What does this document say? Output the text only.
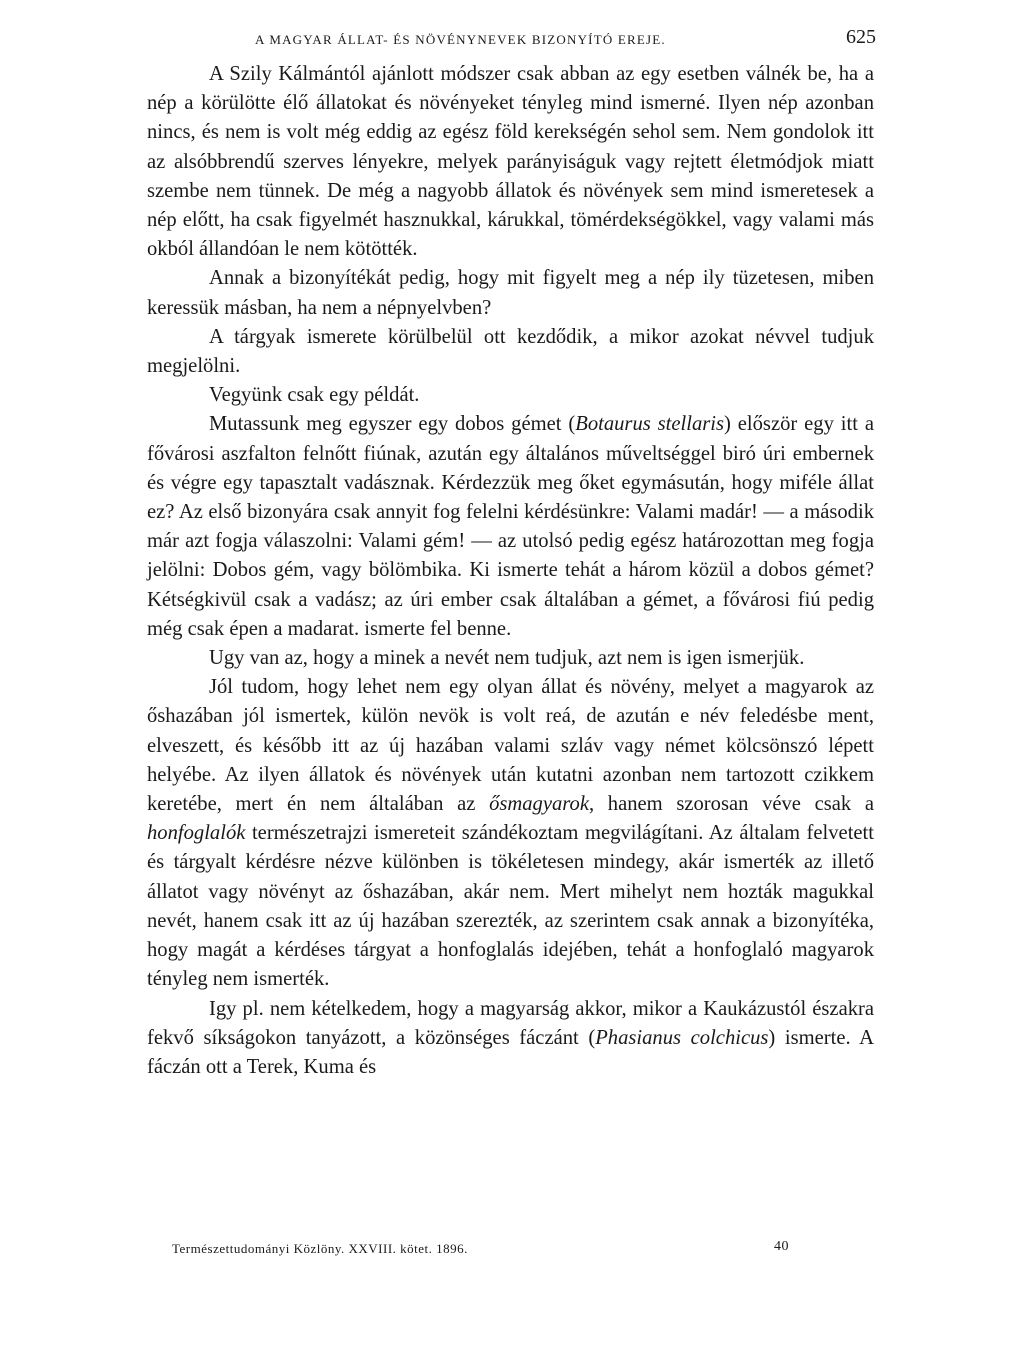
A MAGYAR ÁLLAT- ÉS NÖVÉNYNEVEK BIZONYÍTÓ EREJE.	625

A Szily Kálmántól ajánlott módszer csak abban az egy esetben válnék be, ha a nép a körülötte élő állatokat és növényeket tényleg mind ismerné. Ilyen nép azonban nincs, és nem is volt még eddig az egész föld kerekségén sehol sem. Nem gondolok itt az alsóbbrendű szerves lényekre, melyek parányiságuk vagy rejtett életmódjok miatt szembe nem tünnek. De még a nagyobb állatok és növények sem mind ismeretesek a nép előtt, ha csak figyelmét hasznukkal, kárukkal, tömérdekségökkel, vagy valami más okból állandóan le nem kötötték.

Annak a bizonyítékát pedig, hogy mit figyelt meg a nép ily tüzetesen, miben keressük másban, ha nem a népnyelvben?

A tárgyak ismerete körülbelül ott kezdődik, a mikor azokat névvel tudjuk megjelölni.

Vegyünk csak egy példát.

Mutassunk meg egyszer egy dobos gémet (Botaurus stellaris) először egy itt a fővárosi aszfalton felnőtt fiúnak, azután egy általános műveltséggel biró úri embernek és végre egy tapasztalt vadásznak. Kérdezzük meg őket egymásután, hogy miféle állat ez? Az első bizonyára csak annyit fog felelni kérdésünkre: Valami madár! — a második már azt fogja válaszolni: Valami gém! — az utolsó pedig egész határozottan meg fogja jelölni: Dobos gém, vagy bölömbika. Ki ismerte tehát a három közül a dobos gémet? Kétségkivül csak a vadász; az úri ember csak általában a gémet, a fővárosi fiú pedig még csak épen a madarat. ismerte fel benne.

Ugy van az, hogy a minek a nevét nem tudjuk, azt nem is igen ismerjük.

Jól tudom, hogy lehet nem egy olyan állat és növény, melyet a magyarok az őshazában jól ismertek, külön nevök is volt reá, de azután e név feledésbe ment, elveszett, és később itt az új hazában valami szláv vagy német kölcsönszó lépett helyébe. Az ilyen állatok és növények után kutatni azonban nem tartozott czikkem keretébe, mert én nem általában az ősmagyarok, hanem szorosan véve csak a honfoglalók természetrajzi ismereteit szándékoztam megvilágítani. Az általam felvetett és tárgyalt kérdésre nézve különben is tökéletesen mindegy, akár ismerték az illető állatot vagy növényt az őshazában, akár nem. Mert mihelyt nem hozták magukkal nevét, hanem csak itt az új hazában szerezték, az szerintem csak annak a bizonyítéka, hogy magát a kérdéses tárgyat a honfoglalás idejében, tehát a honfoglaló magyarok tényleg nem ismerték.

Igy pl. nem kételkedem, hogy a magyarság akkor, mikor a Kaukázustól északra fekvő síkságokon tanyázott, a közönséges fáczánt (Phasianus colchicus) ismerte. A fáczán ott a Terek, Kuma és

Természettudományi Közlöny. XXVIII. kötet. 1896.	40
